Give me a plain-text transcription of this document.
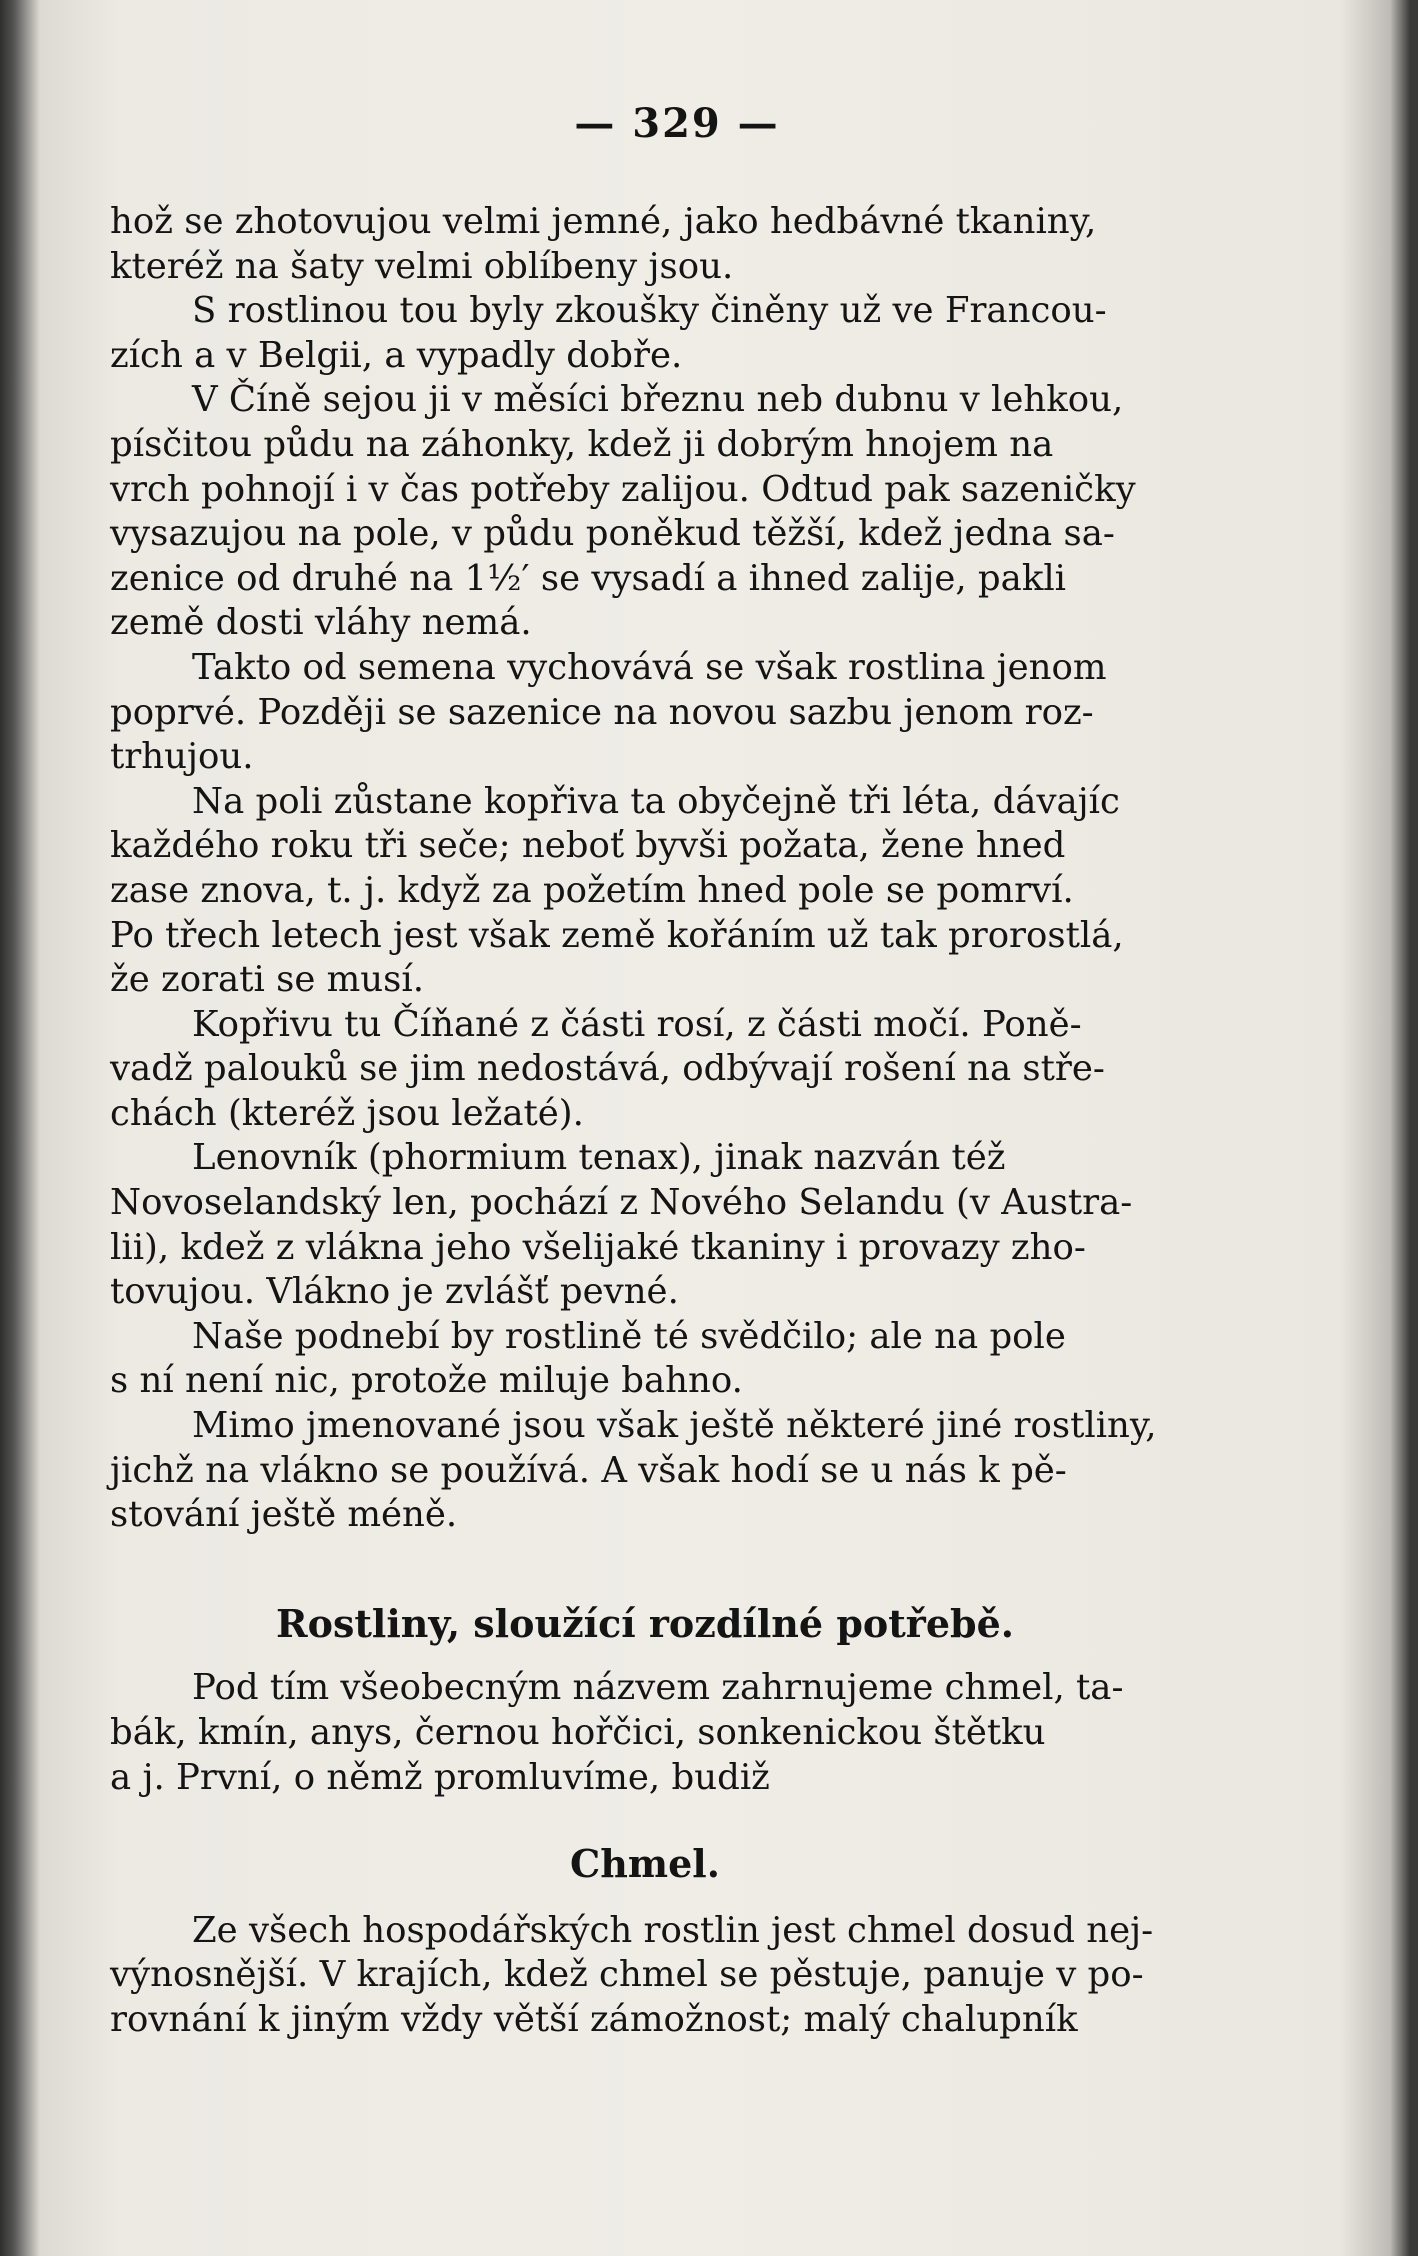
— 329 —

hož se zhotovujou velmi jemné, jako hedbávné tkaniny,
kteréž na šaty velmi oblíbeny jsou.

S rostlinou tou byly zkoušky činěny už ve Francou-
zích a v Belgii, a vypadly dobře.

V Číně sejou ji v měsíci březnu neb dubnu v lehkou,
písčitou půdu na záhonky, kdež ji dobrým hnojem na
vrch pohnojí i v čas potřeby zalijou. Odtud pak sazeničky
vysazujou na pole, v půdu poněkud těžší, kdež jedna sa-
zenice od druhé na 1½′ se vysadí a ihned zalije, pakli
země dosti vláhy nemá.

Takto od semena vychovává se však rostlina jenom
poprvé. Později se sazenice na novou sazbu jenom roz-
trhujou.

Na poli zůstane kopřiva ta obyčejně tři léta, dávajíc
každého roku tři seče; neboť byvši požata, žene hned
zase znova, t. j. když za požetím hned pole se pomrví.
Po třech letech jest však země kořáním už tak prorostlá,
že zorati se musí.

Kopřivu tu Číňané z části rosí, z části močí. Poně-
vadž palouků se jim nedostává, odbývají rošení na stře-
chách (kteréž jsou ležaté).

Lenovník (phormium tenax), jinak nazván též
Novoselandský len, pochází z Nového Selandu (v Austra-
lii), kdež z vlákna jeho všelijaké tkaniny i provazy zho-
tovujou. Vlákno je zvlášť pevné.

Naše podnebí by rostlině té svědčilo; ale na pole
s ní není nic, protože miluje bahno.

Mimo jmenované jsou však ještě některé jiné rostliny,
jichž na vlákno se používá. A však hodí se u nás k pě-
stování ještě méně.

Rostliny, sloužící rozdílné potřebě.

Pod tím všeobecným názvem zahrnujeme chmel, ta-
bák, kmín, anys, černou hořčici, sonkenickou štětku
a j. První, o němž promluvíme, budiž

Chmel.

Ze všech hospodářských rostlin jest chmel dosud nej-
výnosnější. V krajích, kdež chmel se pěstuje, panuje v po-
rovnání k jiným vždy větší zámožnost; malý chalupník
